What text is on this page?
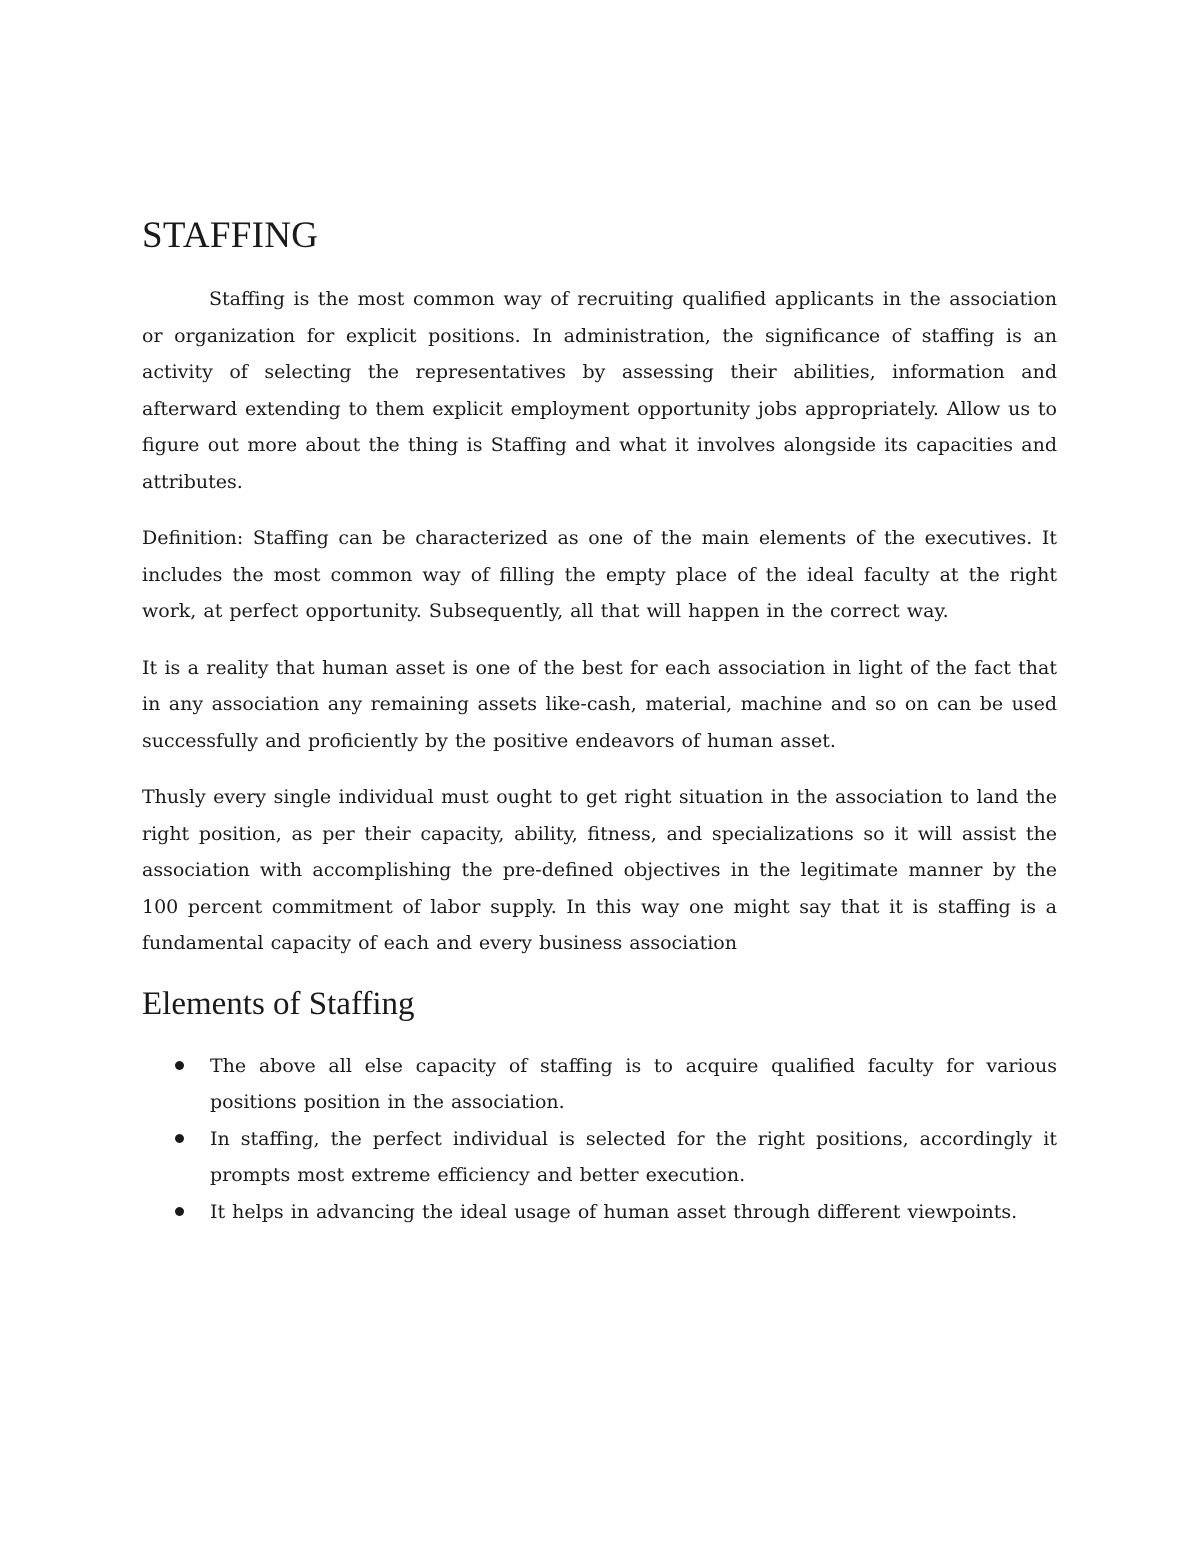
STAFFING

Staffing is the most common way of recruiting qualified applicants in the association or organization for explicit positions. In administration, the significance of staffing is an activity of selecting the representatives by assessing their abilities, information and afterward extending to them explicit employment opportunity jobs appropriately. Allow us to figure out more about the thing is Staffing and what it involves alongside its capacities and attributes.

Definition: Staffing can be characterized as one of the main elements of the executives. It includes the most common way of filling the empty place of the ideal faculty at the right work, at perfect opportunity. Subsequently, all that will happen in the correct way.

It is a reality that human asset is one of the best for each association in light of the fact that in any association any remaining assets like-cash, material, machine and so on can be used successfully and proficiently by the positive endeavors of human asset.

Thusly every single individual must ought to get right situation in the association to land the right position, as per their capacity, ability, fitness, and specializations so it will assist the association with accomplishing the pre-defined objectives in the legitimate manner by the 100 percent commitment of labor supply. In this way one might say that it is staffing is a fundamental capacity of each and every business association

Elements of Staffing
The above all else capacity of staffing is to acquire qualified faculty for various positions position in the association.
In staffing, the perfect individual is selected for the right positions, accordingly it prompts most extreme efficiency and better execution.
It helps in advancing the ideal usage of human asset through different viewpoints.
